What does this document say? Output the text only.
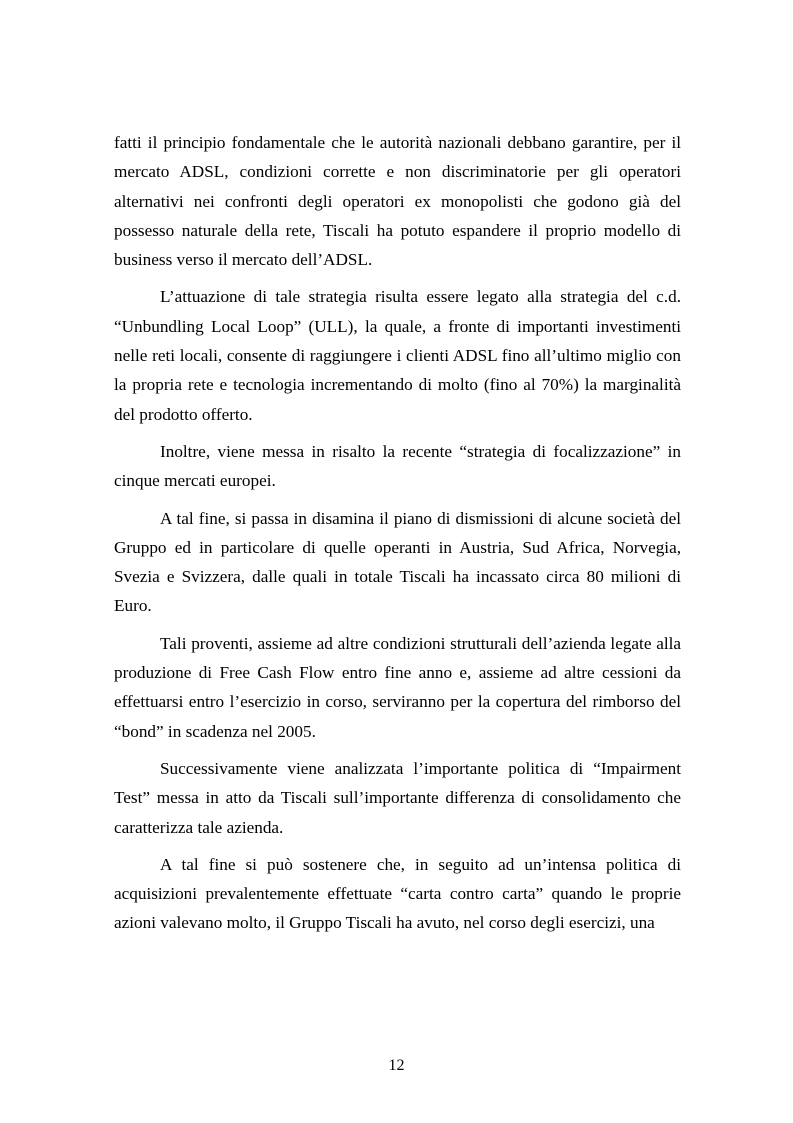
fatti il principio fondamentale che le autorità nazionali debbano garantire, per il mercato ADSL, condizioni corrette e non discriminatorie per gli operatori alternativi nei confronti degli operatori ex monopolisti che godono già del possesso naturale della rete, Tiscali ha potuto espandere il proprio modello di business verso il mercato dell’ADSL.

L’attuazione di tale strategia risulta essere legato alla strategia del c.d. “Unbundling Local Loop” (ULL), la quale, a fronte di importanti investimenti nelle reti locali, consente di raggiungere i clienti ADSL fino all’ultimo miglio con la propria rete e tecnologia incrementando di molto (fino al 70%) la marginalità del prodotto offerto.

Inoltre, viene messa in risalto la recente “strategia di focalizzazione” in cinque mercati europei.

A tal fine, si passa in disamina il piano di dismissioni di alcune società del Gruppo ed in particolare di quelle operanti in Austria, Sud Africa, Norvegia, Svezia e Svizzera, dalle quali in totale Tiscali ha incassato circa 80 milioni di Euro.

Tali proventi, assieme ad altre condizioni strutturali dell’azienda legate alla produzione di Free Cash Flow entro fine anno e, assieme ad altre cessioni da effettuarsi entro l’esercizio in corso, serviranno per la copertura del rimborso del “bond” in scadenza nel 2005.

Successivamente viene analizzata l’importante politica di “Impairment Test” messa in atto da Tiscali sull’importante differenza di consolidamento che caratterizza tale azienda.

A tal fine si può sostenere che, in seguito ad un’intensa politica di acquisizioni prevalentemente effettuate “carta contro carta” quando le proprie azioni valevano molto, il Gruppo Tiscali ha avuto, nel corso degli esercizi, una

12
